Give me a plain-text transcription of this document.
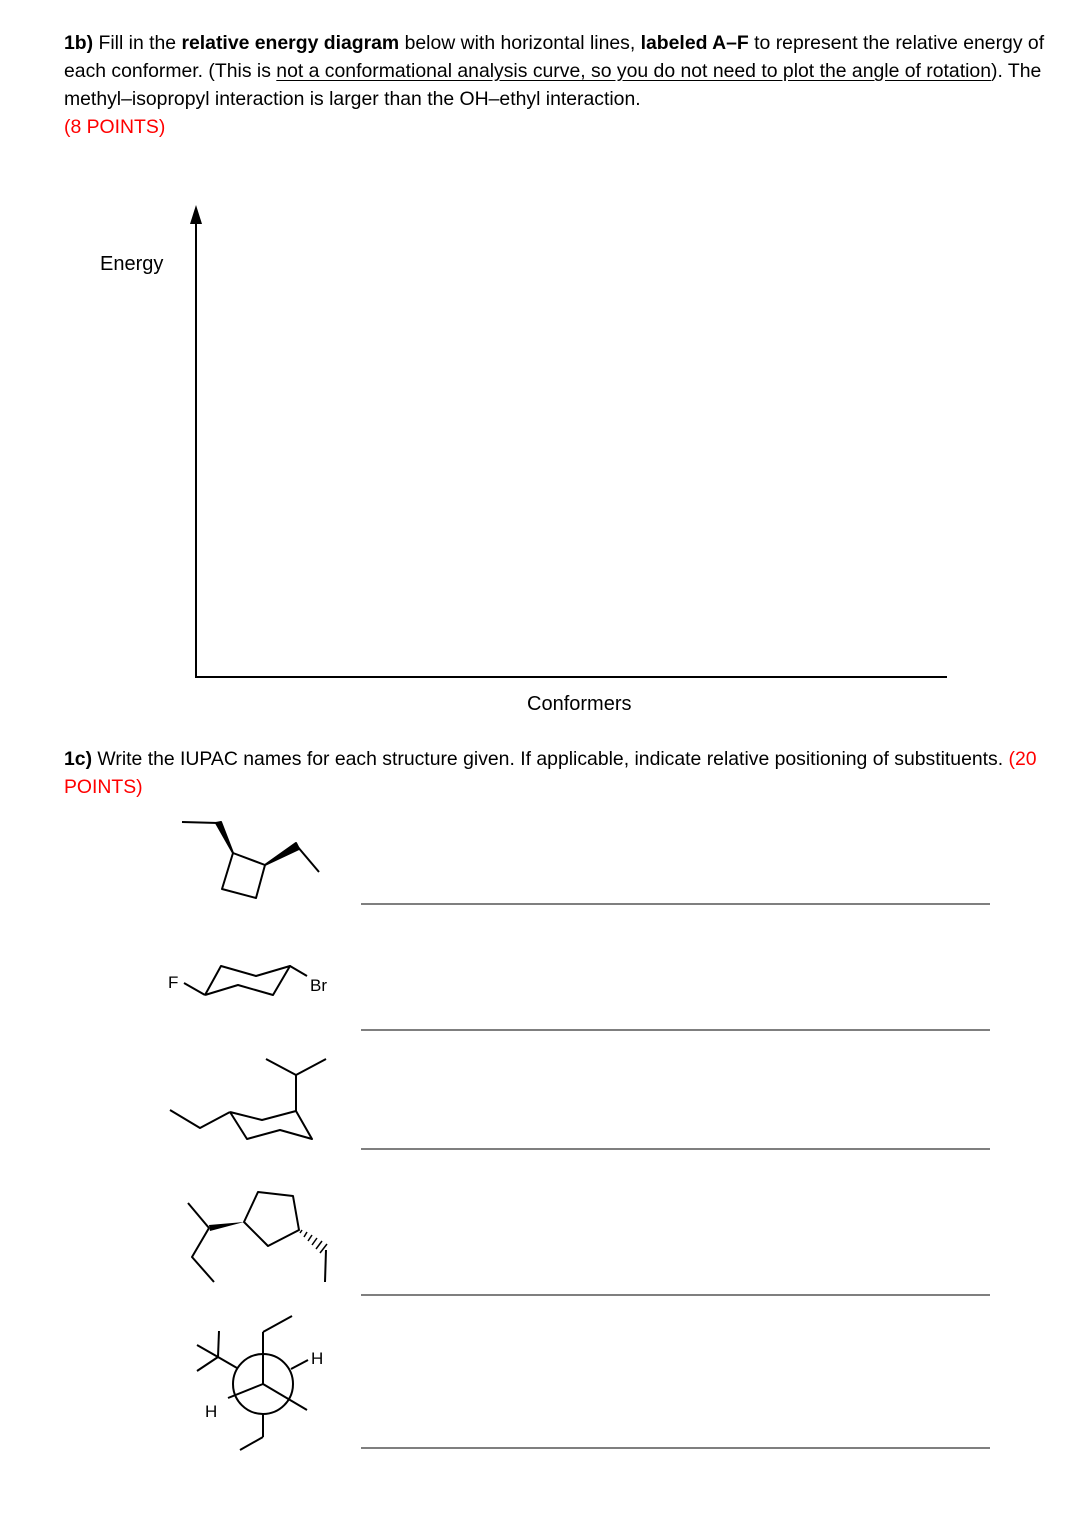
1b) Fill in the relative energy diagram below with horizontal lines, labeled A–F to represent the relative energy of each conformer. (This is not a conformational analysis curve, so you do not need to plot the angle of rotation). The methyl–isopropyl interaction is larger than the OH–ethyl interaction.
(8 POINTS)
1c) Write the IUPAC names for each structure given. If applicable, indicate relative positioning of substituents. (20 POINTS)
Energy
Conformers
F	Br
H
H
